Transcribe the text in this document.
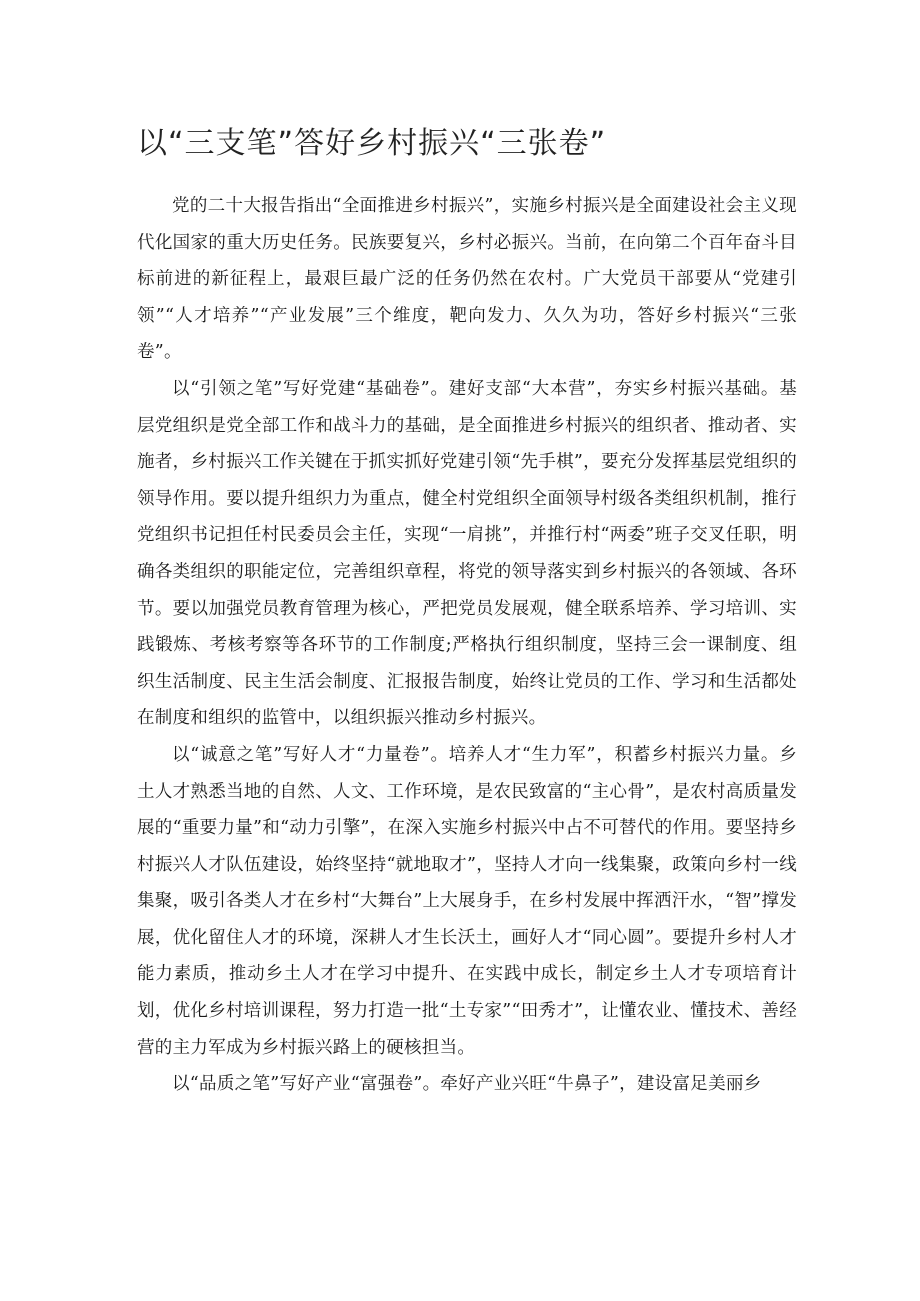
以“三支笔”答好乡村振兴“三张卷”

党的二十大报告指出“全面推进乡村振兴”，实施乡村振兴是全面建设社会主义现代化国家的重大历史任务。民族要复兴，乡村必振兴。当前，在向第二个百年奋斗目标前进的新征程上，最艰巨最广泛的任务仍然在农村。广大党员干部要从“党建引领”“人才培养”“产业发展”三个维度，靶向发力、久久为功，答好乡村振兴“三张卷”。

以“引领之笔”写好党建“基础卷”。建好支部“大本营”，夯实乡村振兴基础。基层党组织是党全部工作和战斗力的基础，是全面推进乡村振兴的组织者、推动者、实施者，乡村振兴工作关键在于抓实抓好党建引领“先手棋”，要充分发挥基层党组织的领导作用。要以提升组织力为重点，健全村党组织全面领导村级各类组织机制，推行党组织书记担任村民委员会主任，实现“一肩挑”，并推行村“两委”班子交叉任职，明确各类组织的职能定位，完善组织章程，将党的领导落实到乡村振兴的各领域、各环节。要以加强党员教育管理为核心，严把党员发展观，健全联系培养、学习培训、实践锻炼、考核考察等各环节的工作制度;严格执行组织制度，坚持三会一课制度、组织生活制度、民主生活会制度、汇报报告制度，始终让党员的工作、学习和生活都处在制度和组织的监管中，以组织振兴推动乡村振兴。

以“诚意之笔”写好人才“力量卷”。培养人才“生力军”，积蓄乡村振兴力量。乡土人才熟悉当地的自然、人文、工作环境，是农民致富的“主心骨”，是农村高质量发展的“重要力量”和“动力引擎”，在深入实施乡村振兴中占不可替代的作用。要坚持乡村振兴人才队伍建设，始终坚持“就地取才”，坚持人才向一线集聚，政策向乡村一线集聚，吸引各类人才在乡村“大舞台”上大展身手，在乡村发展中挥洒汗水，“智”撑发展，优化留住人才的环境，深耕人才生长沃土，画好人才“同心圆”。要提升乡村人才能力素质，推动乡土人才在学习中提升、在实践中成长，制定乡土人才专项培育计划，优化乡村培训课程，努力打造一批“土专家”“田秀才”，让懂农业、懂技术、善经营的主力军成为乡村振兴路上的硬核担当。

以“品质之笔”写好产业“富强卷”。牵好产业兴旺“牛鼻子”，建设富足美丽乡
